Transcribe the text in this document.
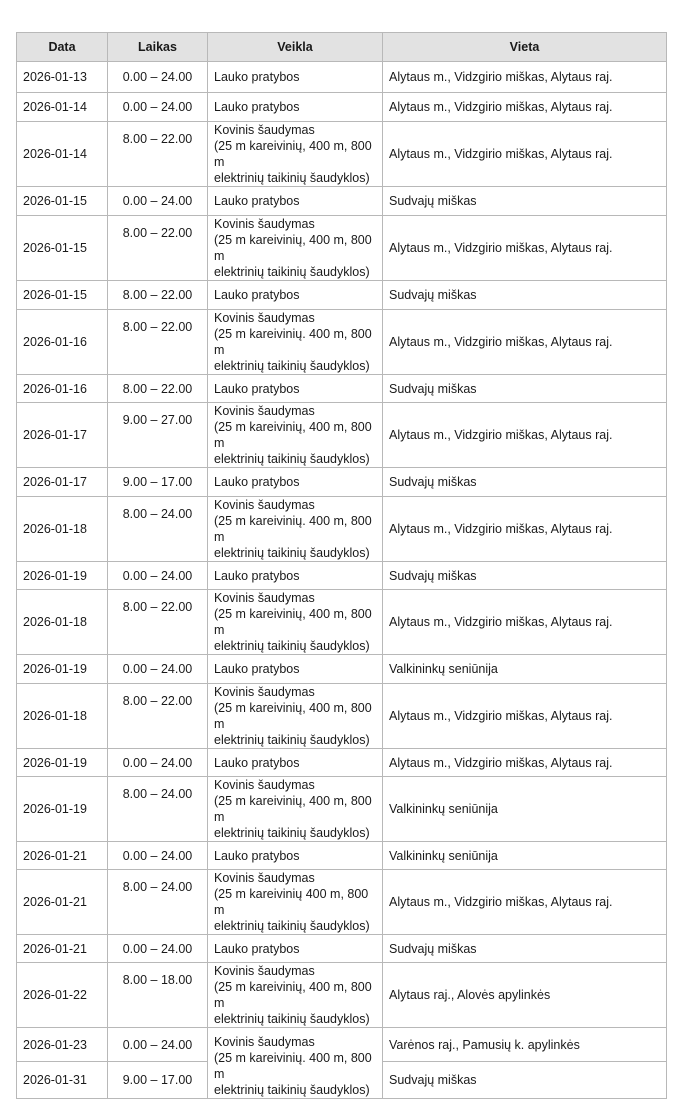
Data	Laikas	Veikla	Vieta
2026-01-13	0.00 – 24.00	Lauko pratybos	Alytaus m., Vidzgirio miškas, Alytaus raj.
2026-01-14	0.00 – 24.00	Lauko pratybos	Alytaus m., Vidzgirio miškas, Alytaus raj.
2026-01-14	8.00 – 22.00	Kovinis šaudymas
(25 m kareivinių, 400 m, 800 m
elektrinių taikinių šaudyklos)	Alytaus m., Vidzgirio miškas, Alytaus raj.
2026-01-15	0.00 – 24.00	Lauko pratybos	Sudvajų miškas
2026-01-15	8.00 – 22.00	Kovinis šaudymas
(25 m kareivinių, 400 m, 800 m
elektrinių taikinių šaudyklos)	Alytaus m., Vidzgirio miškas, Alytaus raj.
2026-01-15	8.00 – 22.00	Lauko pratybos	Sudvajų miškas
2026-01-16	8.00 – 22.00	Kovinis šaudymas
(25 m kareivinių. 400 m, 800 m
elektrinių taikinių šaudyklos)	Alytaus m., Vidzgirio miškas, Alytaus raj.
2026-01-16	8.00 – 22.00	Lauko pratybos	Sudvajų miškas
2026-01-17	9.00 – 27.00	Kovinis šaudymas
(25 m kareivinių, 400 m, 800 m
elektrinių taikinių šaudyklos)	Alytaus m., Vidzgirio miškas, Alytaus raj.
2026-01-17	9.00 – 17.00	Lauko pratybos	Sudvajų miškas
2026-01-18	8.00 – 24.00	Kovinis šaudymas
(25 m kareivinių. 400 m, 800 m
elektrinių taikinių šaudyklos)	Alytaus m., Vidzgirio miškas, Alytaus raj.
2026-01-19	0.00 – 24.00	Lauko pratybos	Sudvajų miškas
2026-01-18	8.00 – 22.00	Kovinis šaudymas
(25 m kareivinių, 400 m, 800 m
elektrinių taikinių šaudyklos)	Alytaus m., Vidzgirio miškas, Alytaus raj.
2026-01-19	0.00 – 24.00	Lauko pratybos	Valkininkų seniūnija
2026-01-18	8.00 – 22.00	Kovinis šaudymas
(25 m kareivinių, 400 m, 800 m
elektrinių taikinių šaudyklos)	Alytaus m., Vidzgirio miškas, Alytaus raj.
2026-01-19	0.00 – 24.00	Lauko pratybos	Alytaus m., Vidzgirio miškas, Alytaus raj.
2026-01-19	8.00 – 24.00	Kovinis šaudymas
(25 m kareivinių, 400 m, 800 m
elektrinių taikinių šaudyklos)	Valkininkų seniūnija
2026-01-21	0.00 – 24.00	Lauko pratybos	Valkininkų seniūnija
2026-01-21	8.00 – 24.00	Kovinis šaudymas
(25 m kareivinių 400 m, 800 m
elektrinių taikinių šaudyklos)	Alytaus m., Vidzgirio miškas, Alytaus raj.
2026-01-21	0.00 – 24.00	Lauko pratybos	Sudvajų miškas
2026-01-22	8.00 – 18.00	Kovinis šaudymas
(25 m kareivinių, 400 m, 800 m
elektrinių taikinių šaudyklos)	Alytaus raj., Alovės apylinkės
2026-01-23	0.00 – 24.00	Kovinis šaudymas
(25 m kareivinių. 400 m, 800 m
elektrinių taikinių šaudyklos)	Varėnos raj., Pamusių k. apylinkės
2026-01-31	9.00 – 17.00		Sudvajų miškas
